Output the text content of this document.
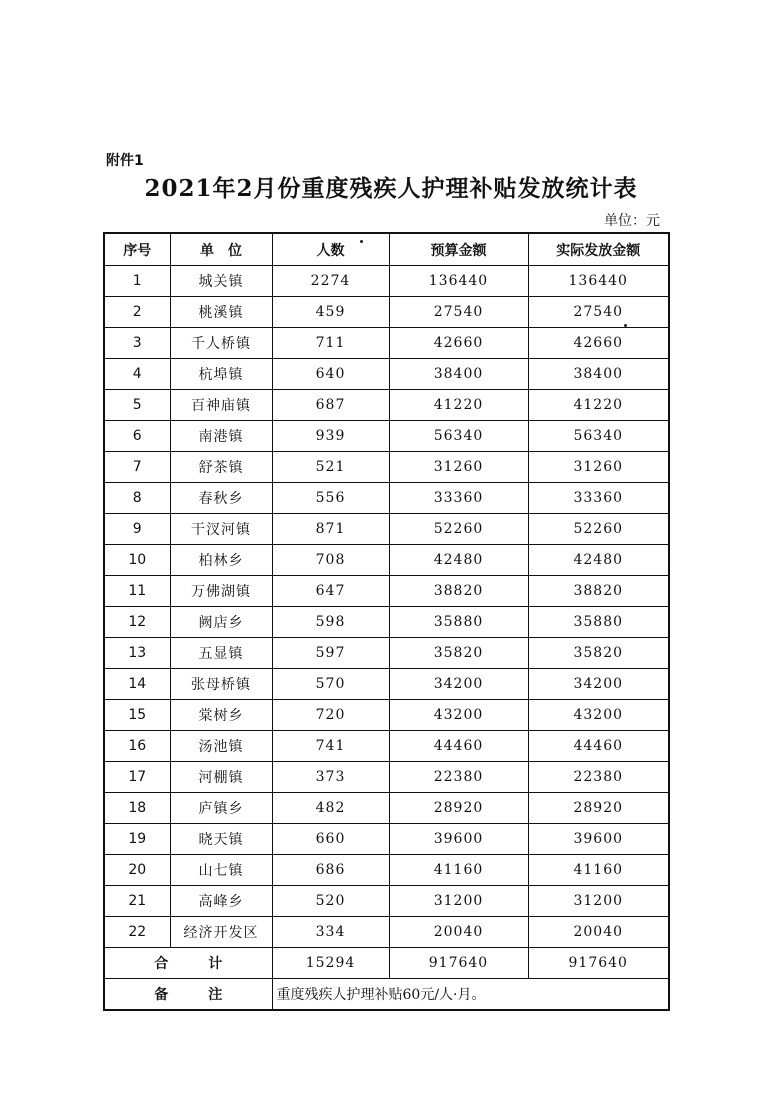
附件1
2021年2月份重度残疾人护理补贴发放统计表
单位：元
序号	单　位	人数	预算金额	实际发放金额
1	城关镇	2274	136440	136440
2	桃溪镇	459	27540	27540
3	千人桥镇	711	42660	42660
4	杭埠镇	640	38400	38400
5	百神庙镇	687	41220	41220
6	南港镇	939	56340	56340
7	舒茶镇	521	31260	31260
8	春秋乡	556	33360	33360
9	干汊河镇	871	52260	52260
10	柏林乡	708	42480	42480
11	万佛湖镇	647	38820	38820
12	阙店乡	598	35880	35880
13	五显镇	597	35820	35820
14	张母桥镇	570	34200	34200
15	棠树乡	720	43200	43200
16	汤池镇	741	44460	44460
17	河棚镇	373	22380	22380
18	庐镇乡	482	28920	28920
19	晓天镇	660	39600	39600
20	山七镇	686	41160	41160
21	高峰乡	520	31200	31200
22	经济开发区	334	20040	20040
合计		15294	917640	917640
备注		重度残疾人护理补贴60元/人·月。		
